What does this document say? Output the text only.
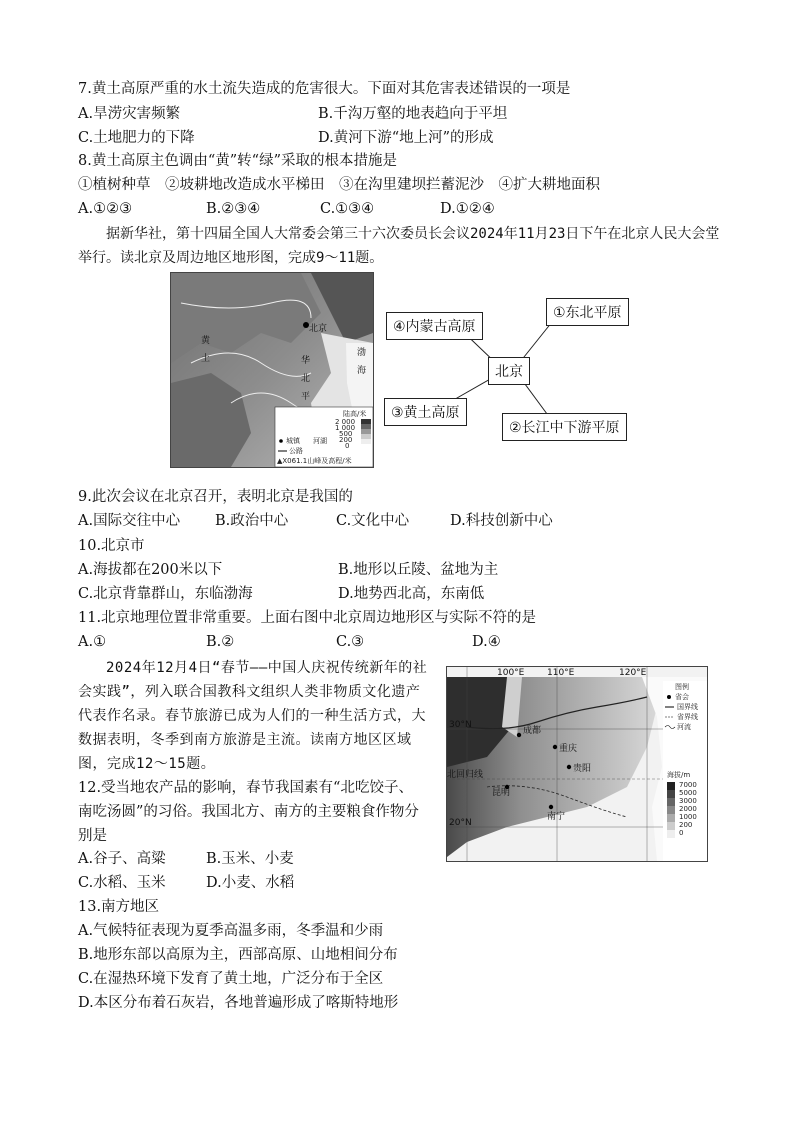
7.黄土高原严重的水土流失造成的危害很大。下面对其危害表述错误的一项是
A.旱涝灾害频繁	B.千沟万壑的地表趋向于平坦
C.土地肥力的下降	D.黄河下游“地上河”的形成
8.黄土高原主色调由“黄”转“绿”采取的根本措施是
①植树种草　②坡耕地改造成水平梯田　③在沟里建坝拦蓄泥沙　④扩大耕地面积
A.①②③	B.②③④	C.①③④	D.①②④
据新华社，第十四届全国人大常委会第三十六次委员长会议2024年11月23日下午在北京人民大会堂举行。读北京及周边地区地形图，完成9～11题。
北京
渤
海
华
北
平
黄
土
陆高/米
2 000
1 000
500
200
0
城镇 河湖
公路
▲X061.1山峰及高程/米
④内蒙古高原
①东北平原
北京
③黄土高原
②长江中下游平原
9.此次会议在北京召开，表明北京是我国的
A.国际交往中心 B.政治中心	C.文化中心	D.科技创新中心
10.北京市
A.海拔都在200米以下	B.地形以丘陵、盆地为主
C.北京背靠群山，东临渤海	D.地势西北高，东南低
11.北京地理位置非常重要。上面右图中北京周边地形区与实际不符的是
A.①	B.②	C.③	D.④
2024年12月4日“春节——中国人庆祝传统新年的社会实践”，列入联合国教科文组织人类非物质文化遗产代表作名录。春节旅游已成为人们的一种生活方式，大数据表明，冬季到南方旅游是主流。读南方地区区域图，完成12～15题。
100°E	110°E	120°E
30°N
20°N
北回归线
成都
重庆
贵阳
昆明
南宁
图例
省会
国界线
省界线
河流
海拔/m
7000
5000
3000
2000
1000
200
0
12.受当地农产品的影响，春节我国素有“北吃饺子、南吃汤圆”的习俗。我国北方、南方的主要粮食作物分别是
A.谷子、高粱	B.玉米、小麦
C.水稻、玉米	D.小麦、水稻
13.南方地区
A.气候特征表现为夏季高温多雨，冬季温和少雨
B.地形东部以高原为主，西部高原、山地相间分布
C.在湿热环境下发育了黄土地，广泛分布于全区
D.本区分布着石灰岩，各地普遍形成了喀斯特地形
